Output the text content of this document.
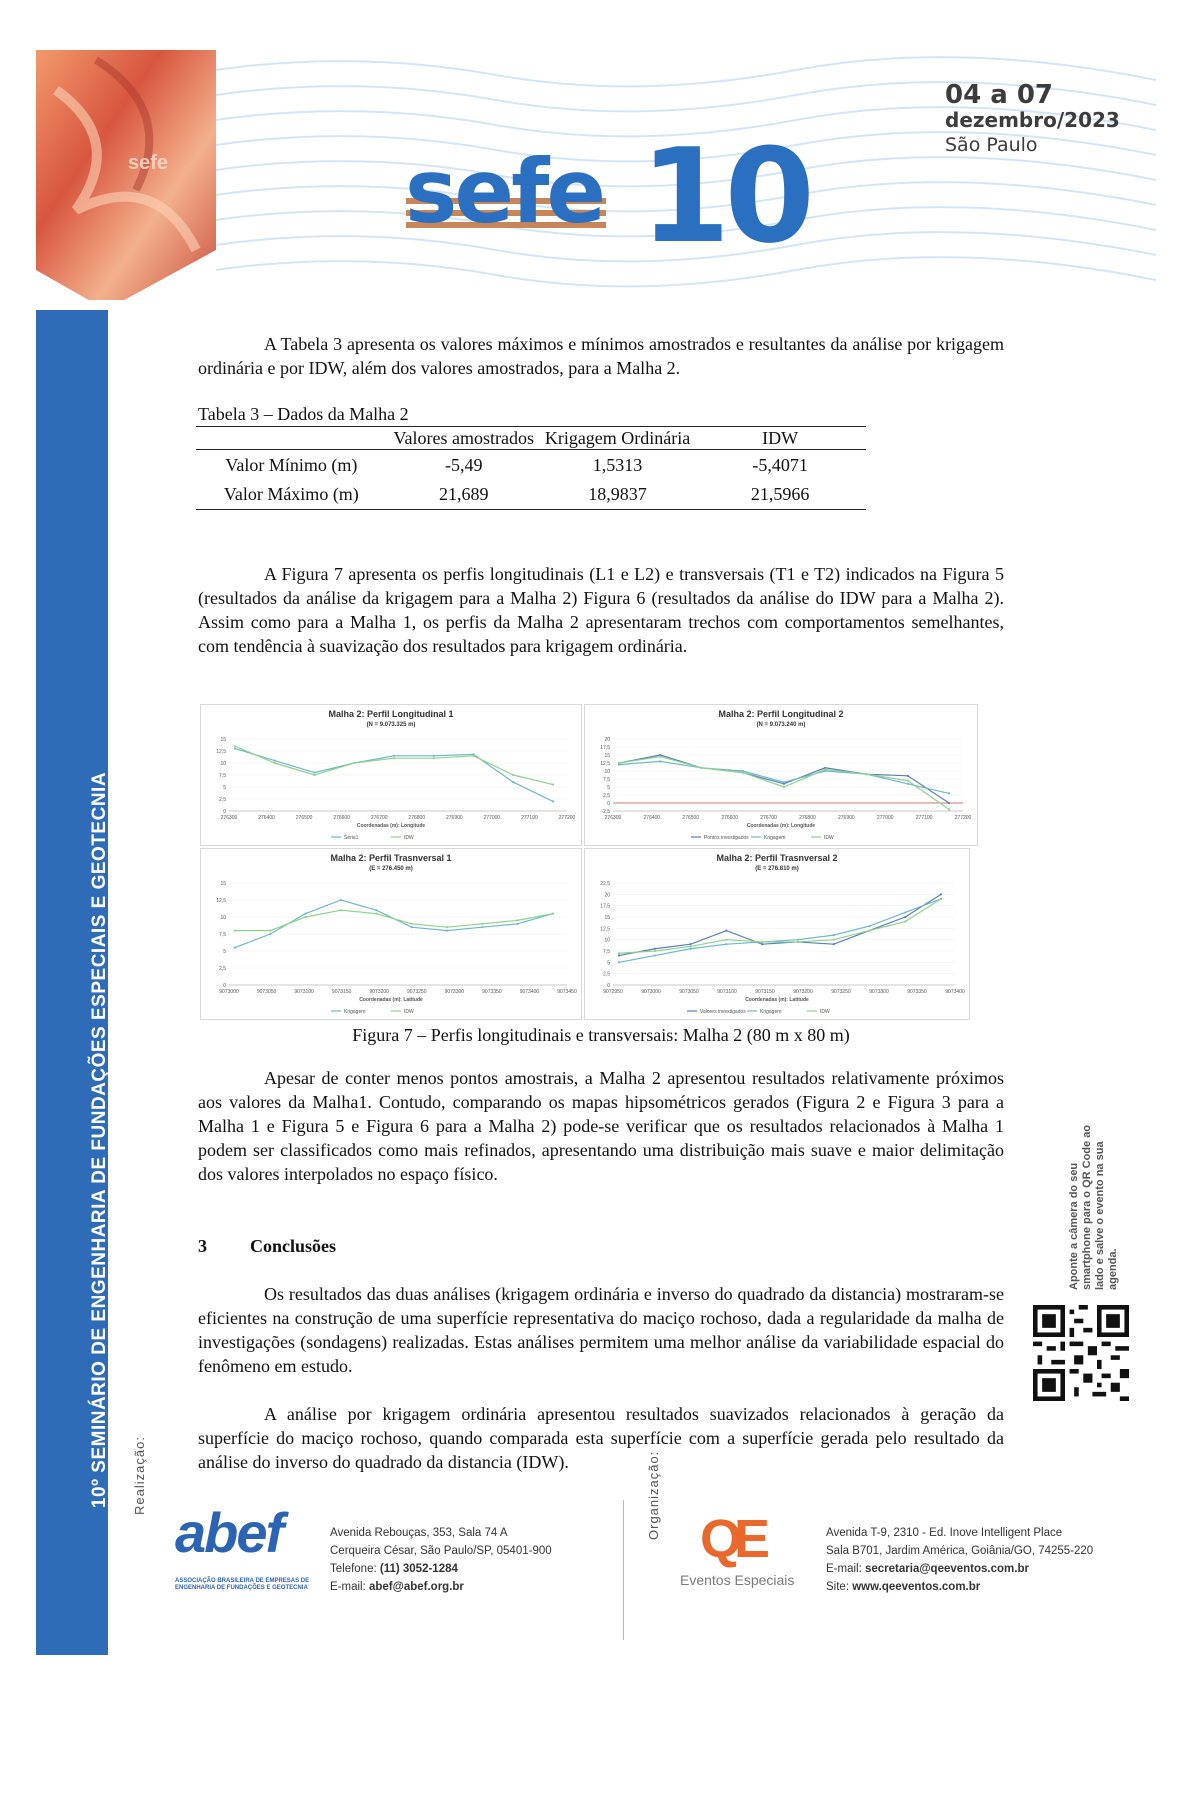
sefe 10
04 a 07
dezembro/2023
São Paulo
sefe
10º SEMINÁRIO DE ENGENHARIA DE FUNDAÇÕES ESPECIAIS E GEOTECNIA
A Tabela 3 apresenta os valores máximos e mínimos amostrados e resultantes da análise por krigagem ordinária e por IDW, além dos valores amostrados, para a Malha 2.
Tabela 3 – Dados da Malha 2
	Valores amostrados	Krigagem Ordinária	IDW
Valor Mínimo (m)	-5,49	1,5313	-5,4071
Valor Máximo (m)	21,689	18,9837	21,5966
A Figura 7 apresenta os perfis longitudinais (L1 e L2) e transversais (T1 e T2) indicados na Figura 5 (resultados da análise da krigagem para a Malha 2) Figura 6 (resultados da análise do IDW para a Malha 2). Assim como para a Malha 1, os perfis da Malha 2 apresentaram trechos com comportamentos semelhantes, com tendência à suavização dos resultados para krigagem ordinária.
Malha 2: Perfil Longitudinal 1
(N = 9.073.325 m)
0
2,5
5
7,5
10
12,5
15
276300	276400	276500	276600	276700	276800	276900	277000	277100	277200
Coordenadas (m): Longitude
Série1	IDW
Malha 2: Perfil Longitudinal 2
(N = 9.073.240 m)
-2,5
0
2,5
5
7,5
10
12,5
15
17,5
20
276300	276400	276500	276600	276700	276800	276900	277000	277100	277200
Coordenadas (m): Longitude
Pontos investigados	Krigagem	IDW
Malha 2: Perfil Trasnversal 1
(E = 276.450 m)
0
2,5
5
7,5
10
12,5
15
9073000	9073050	9073100	9073150	9073200	9073250	9073300	9073350	9073400	9073450
Coordenadas (m): Latitude
Krigagem	IDW
Malha 2: Perfil Trasnversal 2
(E = 276.810 m)
0
2,5
5
7,5
10
12,5
15
17,5
20
22,5
9072950	9073000	9073050	9073100	9073150	9073200	9073250	9073300	9073350	9073400
Coordenadas (m): Latitude
Valores investigados	Krigagem	IDW
Figura 7 – Perfis longitudinais e transversais: Malha 2 (80 m x 80 m)
Apesar de conter menos pontos amostrais, a Malha 2 apresentou resultados relativamente próximos aos valores da Malha1. Contudo, comparando os mapas hipsométricos gerados (Figura 2 e Figura 3 para a Malha 1 e Figura 5 e Figura 6 para a Malha 2) pode-se verificar que os resultados relacionados à Malha 1 podem ser classificados como mais refinados, apresentando uma distribuição mais suave e maior delimitação dos valores interpolados no espaço físico.
3 Conclusões
Os resultados das duas análises (krigagem ordinária e inverso do quadrado da distancia) mostraram-se eficientes na construção de uma superfície representativa do maciço rochoso, dada a regularidade da malha de investigações (sondagens) realizadas. Estas análises permitem uma melhor análise da variabilidade espacial do fenômeno em estudo.
A análise por krigagem ordinária apresentou resultados suavizados relacionados à geração da superfície do maciço rochoso, quando comparada esta superfície com a superfície gerada pelo resultado da análise do inverso do quadrado da distancia (IDW).
Aponte a câmera do seu smartphone para o QR Code ao lado e salve o evento na sua agenda.
Realização:
abef
ASSOCIAÇÃO BRASILEIRA DE EMPRESAS DE ENGENHARIA DE FUNDAÇÕES E GEOTECNIA
Avenida Rebouças, 353, Sala 74 A
Cerqueira César, São Paulo/SP, 05401-900
Telefone: (11) 3052-1284
E-mail: abef@abef.org.br
Organização: QE
Eventos Especiais
Avenida T-9, 2310 - Ed. Inove Intelligent Place
Sala B701, Jardim América, Goiânia/GO, 74255-220
E-mail: secretaria@qeeventos.com.br
Site: www.qeeventos.com.br
